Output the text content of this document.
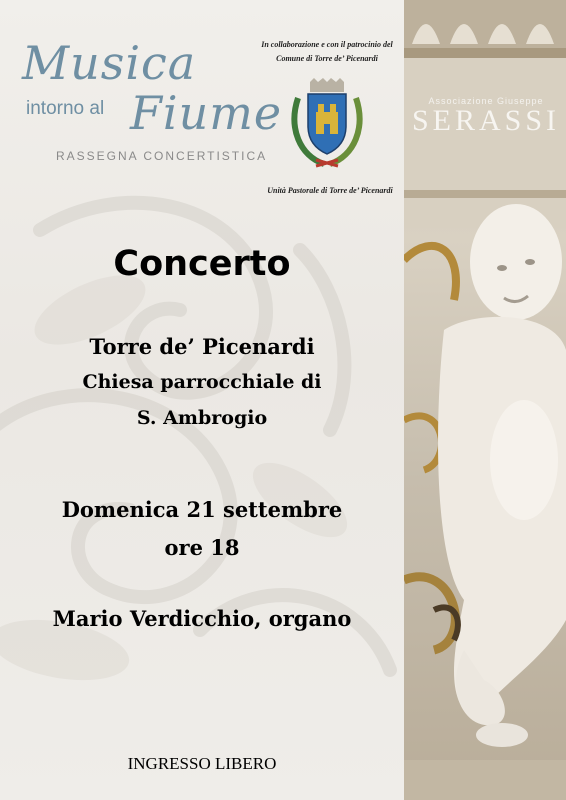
Musica
intorno al Fiume
RASSEGNA CONCERTISTICA
In collaborazione e con il patrocinio del
Comune di Torre de’ Picenardi
Unità Pastorale di Torre de’ Picenardi
Associazione Giuseppe
SERASSI
Concerto
Torre de’ Picenardi
Chiesa parrocchiale di
S. Ambrogio
Domenica 21 settembre
ore 18
Mario Verdicchio, organo
INGRESSO LIBERO
